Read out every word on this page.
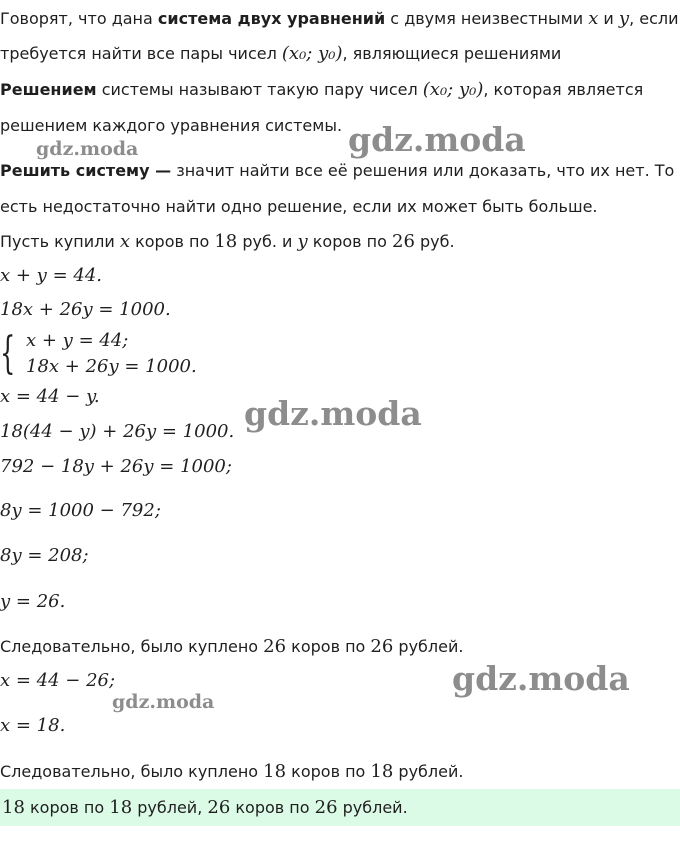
Говорят, что дана система двух уравнений с двумя неизвестными x и y, если
требуется найти все пары чисел (x₀; y₀), являющиеся решениями
Решением системы называют такую пару чисел (x₀; y₀), которая является
решением каждого уравнения системы.
Решить систему — значит найти все её решения или доказать, что их нет. То
есть недостаточно найти одно решение, если их может быть больше.
Пусть купили x коров по 18 руб. и y коров по 26 руб.
x + y = 44.
18x + 26y = 1000.
{ x + y = 44;
18x + 26y = 1000.
x = 44 − y.
18(44 − y) + 26y = 1000.
792 − 18y + 26y = 1000;
8y = 1000 − 792;
8y = 208;
y = 26.
Следовательно, было куплено 26 коров по 26 рублей.
x = 44 − 26;
x = 18.
Следовательно, было куплено 18 коров по 18 рублей.
18 коров по 18 рублей, 26 коров по 26 рублей.
gdz.moda	gdz.moda
gdz.moda
gdz.moda
gdz.moda
